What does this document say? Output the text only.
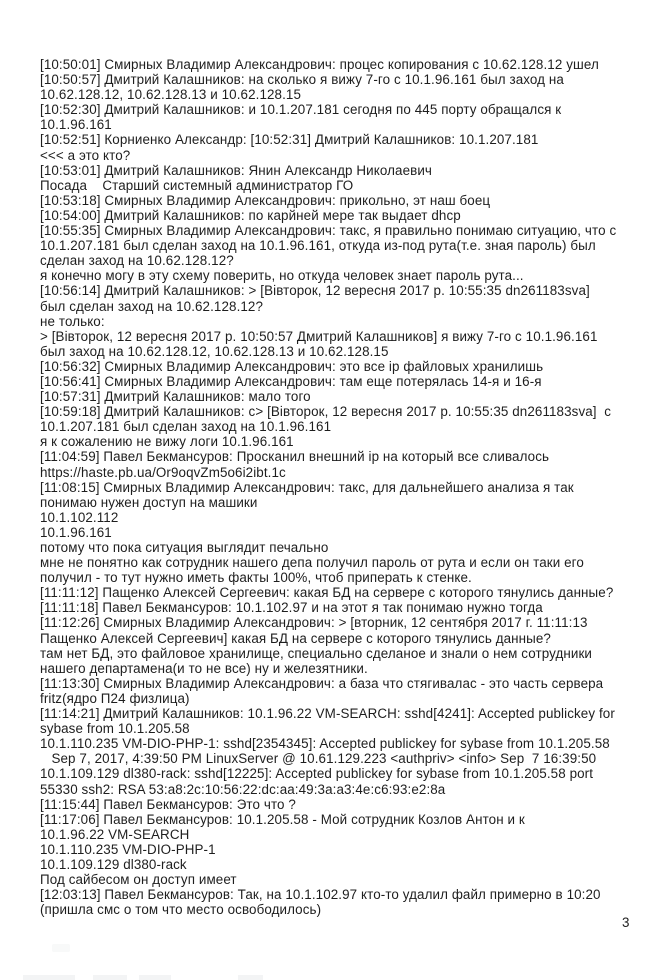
[10:50:01] Смирных Владимир Александрович: процес копирования с 10.62.128.12 ушел
[10:50:57] Дмитрий Калашников: на сколько я вижу 7-го с 10.1.96.161 был заход на
10.62.128.12, 10.62.128.13 и 10.62.128.15
[10:52:30] Дмитрий Калашников: и 10.1.207.181 сегодня по 445 порту обращался к
10.1.96.161
[10:52:51] Корниенко Александр: [10:52:31] Дмитрий Калашников: 10.1.207.181
<<< а это кто?
[10:53:01] Дмитрий Калашников: Янин Александр Николаевич
Посада    Старший системный администратор ГО
[10:53:18] Смирных Владимир Александрович: прикольно, эт наш боец
[10:54:00] Дмитрий Калашников: по карйней мере так выдает dhcp
[10:55:35] Смирных Владимир Александрович: такс, я правильно понимаю ситуацию, что с
10.1.207.181 был сделан заход на 10.1.96.161, откуда из-под рута(т.е. зная пароль) был
сделан заход на 10.62.128.12?
я конечно могу в эту схему поверить, но откуда человек знает пароль рута...
[10:56:14] Дмитрий Калашников: > [Вівторок, 12 вересня 2017 р. 10:55:35 dn261183sva]
был сделан заход на 10.62.128.12?
не только:
> [Вівторок, 12 вересня 2017 р. 10:50:57 Дмитрий Калашников] я вижу 7-го с 10.1.96.161
был заход на 10.62.128.12, 10.62.128.13 и 10.62.128.15
[10:56:32] Смирных Владимир Александрович: это все ip файловых хранилишь
[10:56:41] Смирных Владимир Александрович: там еще потерялась 14-я и 16-я
[10:57:31] Дмитрий Калашников: мало того
[10:59:18] Дмитрий Калашников: с> [Вівторок, 12 вересня 2017 р. 10:55:35 dn261183sva]  с
10.1.207.181 был сделан заход на 10.1.96.161
я к сожалению не вижу логи 10.1.96.161
[11:04:59] Павел Бекмансуров: Просканил внешний ip на который все сливалось
https://haste.pb.ua/Or9oqvZm5o6i2ibt.1c
[11:08:15] Смирных Владимир Александрович: такс, для дальнейшего анализа я так
понимаю нужен доступ на машики
10.1.102.112
10.1.96.161
потому что пока ситуация выглядит печально
мне не понятно как сотрудник нашего депа получил пароль от рута и если он таки его
получил - то тут нужно иметь факты 100%, чтоб приперать к стенке.
[11:11:12] Пащенко Алексей Сергеевич: какая БД на сервере с которого тянулись данные?
[11:11:18] Павел Бекмансуров: 10.1.102.97 и на этот я так понимаю нужно тогда
[11:12:26] Смирных Владимир Александрович: > [вторник, 12 сентября 2017 г. 11:11:13
Пащенко Алексей Сергеевич] какая БД на сервере с которого тянулись данные?
там нет БД, это файловое хранилище, специально сделаное и знали о нем сотрудники
нашего департамена(и то не все) ну и железятники.
[11:13:30] Смирных Владимир Александрович: а база что стягивалас - это часть сервера
fritz(ядро П24 физлица)
[11:14:21] Дмитрий Калашников: 10.1.96.22 VM-SEARCH: sshd[4241]: Accepted publickey for
sybase from 10.1.205.58
10.1.110.235 VM-DIO-PHP-1: sshd[2354345]: Accepted publickey for sybase from 10.1.205.58
Sep 7, 2017, 4:39:50 PM LinuxServer @ 10.61.129.223 <authpriv> <info> Sep  7 16:39:50
10.1.109.129 dl380-rack: sshd[12225]: Accepted publickey for sybase from 10.1.205.58 port
55330 ssh2: RSA 53:a8:2c:10:56:22:dc:aa:49:3a:a3:4e:c6:93:e2:8a
[11:15:44] Павел Бекмансуров: Это что ?
[11:17:06] Павел Бекмансуров: 10.1.205.58 - Мой сотрудник Козлов Антон и к
10.1.96.22 VM-SEARCH
10.1.110.235 VM-DIO-PHP-1
10.1.109.129 dl380-rack
Под сайбесом он доступ имеет
[12:03:13] Павел Бекмансуров: Так, на 10.1.102.97 кто-то удалил файл примерно в 10:20
(пришла смс о том что место освободилось)
3
